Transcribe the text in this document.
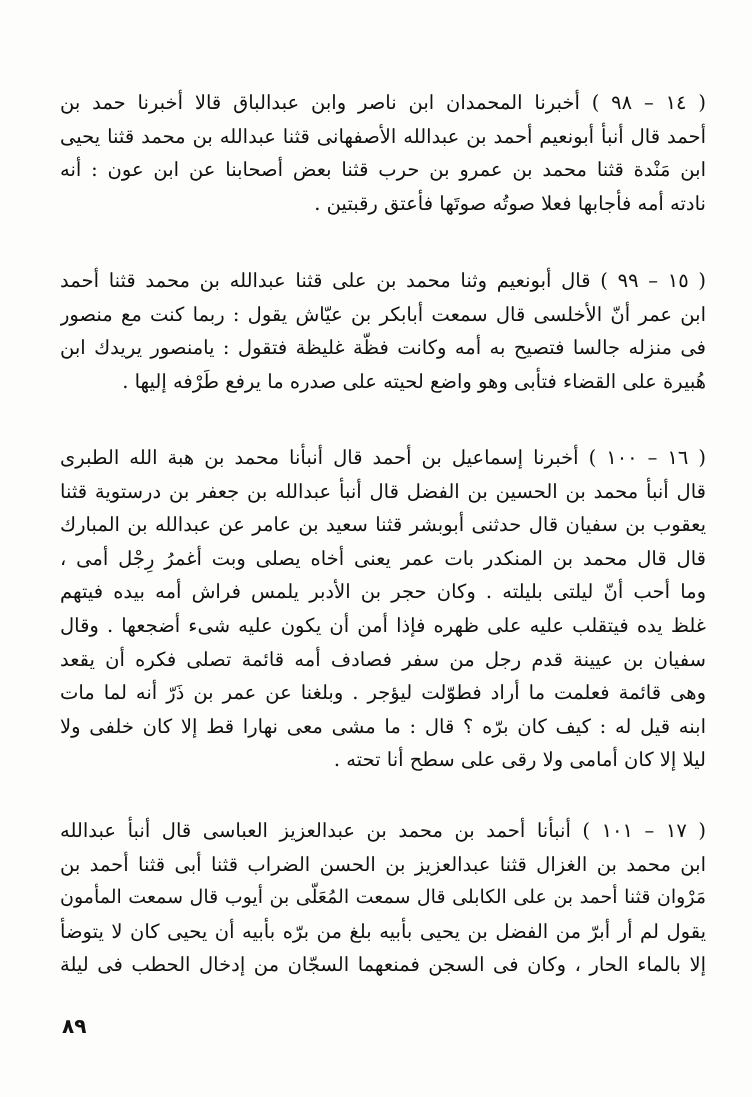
( ١٤ – ٩٨ ) أخبرنا المحمدان ابن ناصر وابن عبدالباق قالا أخبرنا حمد بن
أحمد قال أنبأ أبونعيم أحمد بن عبدالله الأصفهانى قثنا عبدالله بن محمد قثنا يحيى
ابن مَنْدة قثنا محمد بن عمرو بن حرب قثنا بعض أصحابنا عن ابن عون : أنه
نادته أمه فأجابها فعلا صوتُه صوتَها فأعتق رقبتين .
( ١٥ – ٩٩ ) قال أبونعيم وثنا محمد بن على قثنا عبدالله بن محمد قثنا أحمد
ابن عمر أنّ الأخلسى قال سمعت أبابكر بن عيّاش يقول : ربما كنت مع منصور
فى منزله جالسا فتصيح به أمه وكانت فظّة غليظة فتقول : يامنصور يريدك ابن
هُبيرة على القضاء فتأبى وهو واضع لحيته على صدره ما يرفع طَرْفه إليها .
( ١٦ – ١٠٠ ) أخبرنا إسماعيل بن أحمد قال أنبأنا محمد بن هبة الله الطبرى
قال أنبأ محمد بن الحسين بن الفضل قال أنبأ عبدالله بن جعفر بن درستوية قثنا
يعقوب بن سفيان قال حدثنى أبوبشر قثنا سعيد بن عامر عن عبدالله بن المبارك
قال قال محمد بن المنكدر بات عمر يعنى أخاه يصلى وبت أغمرُ رِجْل أمى ،
وما أحب أنّ ليلتى بليلته . وكان حجر بن الأدبر يلمس فراش أمه بيده فيتهم
غلظ يده فيتقلب عليه على ظهره فإذا أمن أن يكون عليه شىء أضجعها . وقال
سفيان بن عيينة قدم رجل من سفر فصادف أمه قائمة تصلى فكره أن يقعد
وهى قائمة فعلمت ما أراد فطوّلت ليؤجر . وبلغنا عن عمر بن ذَرّ أنه لما مات
ابنه قيل له : كيف كان برّه ؟ قال : ما مشى معى نهارا قط إلا كان خلفى ولا
ليلا إلا كان أمامى ولا رقى على سطح أنا تحته .
( ١٧ – ١٠١ ) أنبأنا أحمد بن محمد بن عبدالعزيز العباسى قال أنبأ عبدالله
ابن محمد بن الغزال قثنا عبدالعزيز بن الحسن الضراب قثنا أبى قثنا أحمد بن
مَرْوان قثنا أحمد بن على الكابلى قال سمعت المُعَلّى بن أيوب قال سمعت المأمون
يقول لم أر أبرّ من الفضل بن يحيى بأبيه بلغ من برّه بأبيه أن يحيى كان لا يتوضأ
إلا بالماء الحار ، وكان فى السجن فمنعهما السجّان من إدخال الحطب فى ليلة
٨٩
